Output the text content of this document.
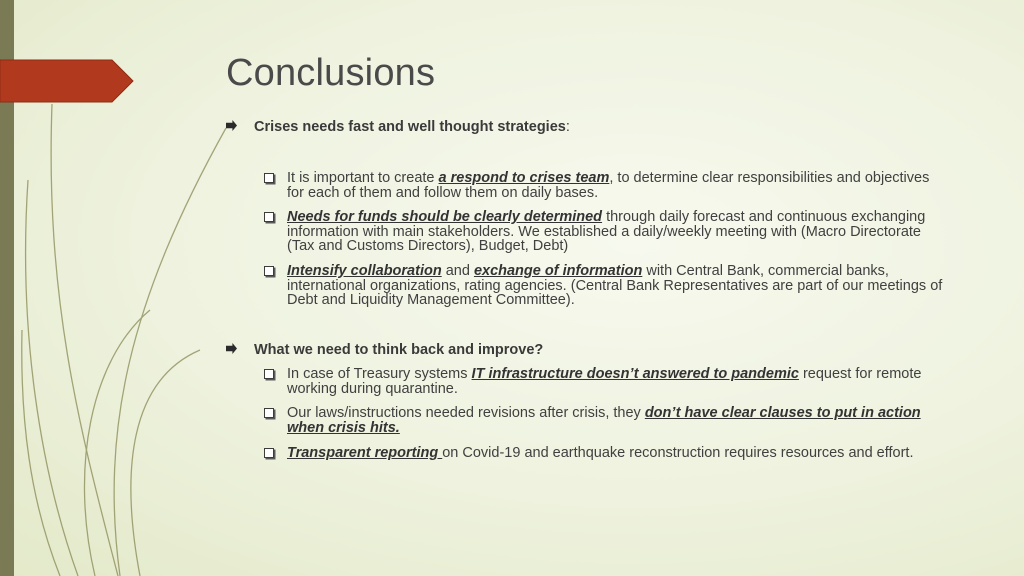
Conclusions
Crises needs fast and well thought strategies:
It is important to create a respond to crises team, to determine clear responsibilities and objectives for each of them and follow them on daily bases.
Needs for funds should be clearly determined through daily forecast and continuous exchanging information with main stakeholders. We established a daily/weekly meeting with (Macro Directorate (Tax and Customs Directors), Budget, Debt)
Intensify collaboration and exchange of information with Central Bank, commercial banks, international organizations, rating agencies. (Central Bank Representatives are part of our meetings of Debt and Liquidity Management Committee).
What we need to think back and improve?
In case of Treasury systems IT infrastructure doesn’t answered to pandemic request for remote working during quarantine.
Our laws/instructions needed revisions after crisis, they don’t have clear clauses to put in action when crisis hits.
Transparent reporting on Covid-19 and earthquake reconstruction requires resources and effort.
